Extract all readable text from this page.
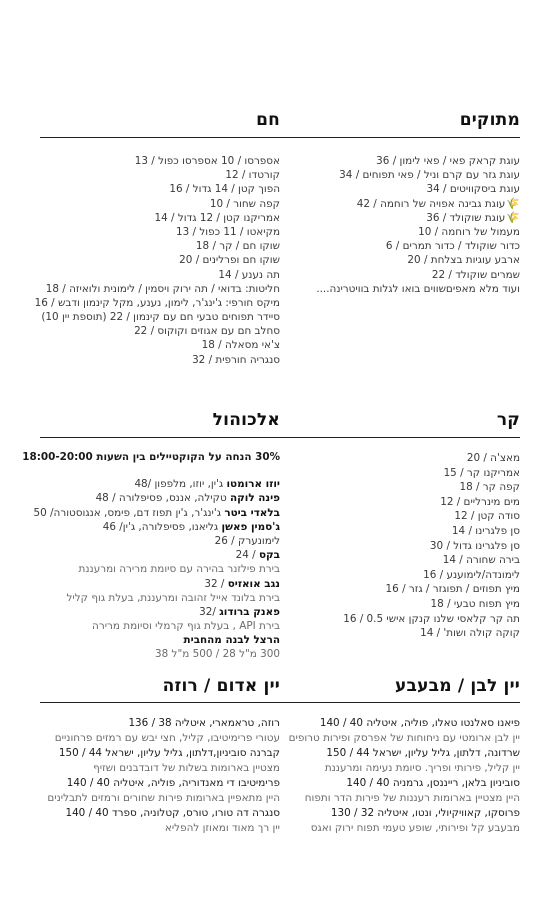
מתוקים
חם
עוגת קראק פאי / פאי לימון / 36
עוגת גזר עם קרם וניל / פאי תפוחים / 34
עוגת ביסקוויטים / 34
🌾עוגת גבינה אפויה של רוחמה / 42
🌾עוגת שוקולד / 36
מעמול של רוחמה / 10
כדור שוקולד / כדור תמרים / 6
ארבע עוגיות בצלחת / 20
שמרים שוקולד / 22
ועוד מלא מאפיםשווים בואו לגלות בוויטרינה....
אספרסו / 10 אספרסו כפול / 13
קורטדו / 12
הפוך קטן / 14 גדול / 16
קפה שחור / 10
אמריקנו קטן / 12 גדול / 14
מקיאטו / 11 כפול / 13
שוקו חם / קר / 18
שוקו חם ופרלינים / 20
תה נענע / 14
חליטות: בדואי / תה ירוק ויסמין / לימונית ולואיזה / 18
מיקס חורפי: ג'ינג'ר, לימון, נענע, מקל קינמון ודבש / 16
סיידר תפוחים טבעי חם עם קינמון / 22 (תוספת יין 10)
סחלב חם עם אגוזים וקוקוס / 22
צ'אי מסאלה / 18
סנגריה חורפית / 32
קר
אלכוהול
מאצ'ה / 20
אמריקנו קר / 15
קפה קר / 18
מים מינרליים / 12
סודה קטן / 12
סן פלגרינו / 14
סן פלגרינו גדול / 30
בירה שחורה / 14
לימונדה/לימוענע / 16
מיץ תפוזים / תפוגזר / גזר / 16
מיץ תפוח טבעי / 18
תה קר קלאסי שלנו קנקן אישי 0.5 / 16
קוקה קולה ושות' / 14
30% הנחה על הקוקטיילים בין השעות 18:00-20:00
יוזו ארומטו ג'ין, יוזו, מלפפון /48
פינה לוקה טקילה, אננס, פסיפלורה / 48
בלאדי ביטר ג'ינג'ר, ג'ין תפוז דם, פימס, אנגוסטורה/ 50
ג'סמין פאשן גליאנו, פסיפלורה, ג'ין/ 46
לימונערק / 26
בקס / 24
בירת פילזנר בהירה עם סיומת מרירה ומרעננת
נגב אואזיס / 32
בירת בלונד אייל זהובה ומרעננת, בעלת גוף קליל
פאנק ברודוג /32
בירת API , בעלת גוף קרמלי וסיומת מרירה
הרצל לבנה מהחבית
300 מ"ל 28 / 500 מ"ל 38
יין לבן / מבעבע
יין אדום / רוזה
פיאנו סאלנטו טאלו, פוליה, איטליה 40 / 140
יין לבן ארומטי עם ניחוחות של אפרסק ופירות טרופים
שרדונה, דלתון, גליל עליון, ישראל 44 / 150
יין קליל, פירותי ופריך. סיומת נעימה ומרעננת
סוביניון בלאן, רייננסן, גרמניה 40 / 140
היין מצטיין בארומות רעננות של פירות הדר ותפוח
פרוסקו, קאוויקיולי, ונטו, איטליה 32 / 130
מבעבע קל ופירותי, שופע טעמי תפוח ירוק ואגס
רוזה, טראמארי, איטליה 38 / 136
עטורי פרימיטיבו, קליל, חצי יבש עם רמזים פרחוניים
קברנה סוביניון,דלתון, גליל עליון, ישראל 44 / 150
מצטיין בארומות בשלות של דובדבנים ושזיף
פרימיטיבו די מאנדוריה, פוליה, איטליה 40 / 140
היין מתאפיין בארומות פירות שחורים ורמזים לתבלינים
סנגרה דה טורו, טורס, קטלוניה, ספרד 40 / 140
יין רך מאוד ומאוזן להפליא
